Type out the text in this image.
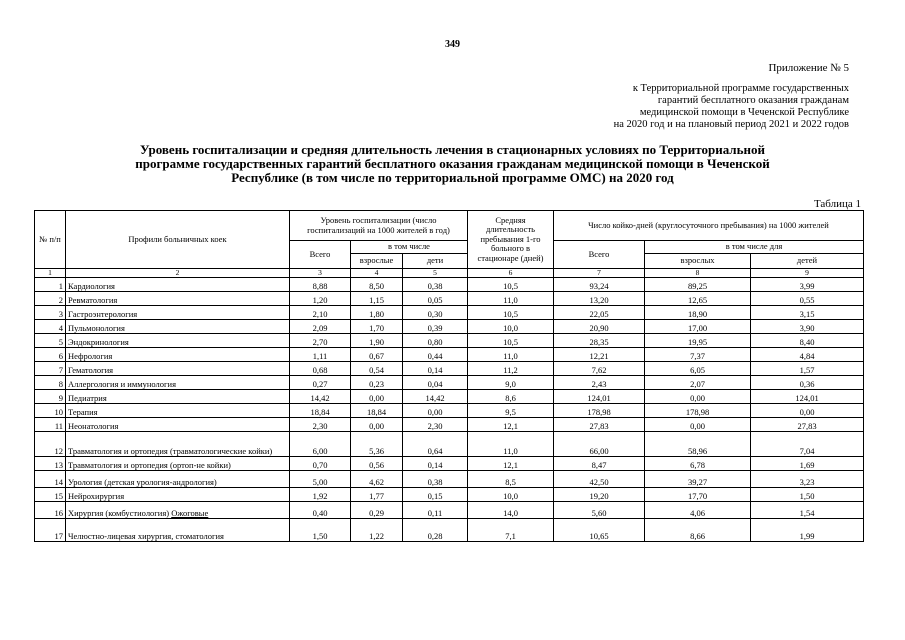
349
Приложение № 5
к Территориальной программе государственных
гарантий бесплатного оказания гражданам
медицинской помощи в Чеченской Республике
на 2020 год и на плановый период 2021 и 2022 годов
Уровень госпитализации и средняя длительность лечения в стационарных условиях по Территориальной
программе государственных гарантий бесплатного оказания гражданам медицинской помощи в Чеченской
Республике (в том числе по территориальной программе ОМС) на 2020 год
Таблица 1
№ п/п	Профили больничных коек	Уровень госпитализации (число госпитализаций на 1000 жителей в год)			Средняя длительность пребывания 1-го больного в стационаре (дней)	Число койко-дней (круглосуточного пребывания) на 1000 жителей		
		Всего	в том числе			Всего	в том числе для	
			взрослые	дети			взрослых	детей
1	2	3	4	5	6	7	8	9
1	Кардиология	8,88	8,50	0,38	10,5	93,24	89,25	3,99
2	Ревматология	1,20	1,15	0,05	11,0	13,20	12,65	0,55
3	Гастроэнтерология	2,10	1,80	0,30	10,5	22,05	18,90	3,15
4	Пульмонология	2,09	1,70	0,39	10,0	20,90	17,00	3,90
5	Эндокринология	2,70	1,90	0,80	10,5	28,35	19,95	8,40
6	Нефрология	1,11	0,67	0,44	11,0	12,21	7,37	4,84
7	Гематология	0,68	0,54	0,14	11,2	7,62	6,05	1,57
8	Аллергология и иммунология	0,27	0,23	0,04	9,0	2,43	2,07	0,36
9	Педиатрия	14,42	0,00	14,42	8,6	124,01	0,00	124,01
10	Терапия	18,84	18,84	0,00	9,5	178,98	178,98	0,00
11	Неонатология	2,30	0,00	2,30	12,1	27,83	0,00	27,83
12	Травматология и ортопедия (травматологические койки)	6,00	5,36	0,64	11,0	66,00	58,96	7,04
13	Травматология и ортопедия (ортоп-не койки)	0,70	0,56	0,14	12,1	8,47	6,78	1,69
14	Урология (детская урология-андрология)	5,00	4,62	0,38	8,5	42,50	39,27	3,23
15	Нейрохирургия	1,92	1,77	0,15	10,0	19,20	17,70	1,50
16	Хирургия (комбустиология) Ожоговые	0,40	0,29	0,11	14,0	5,60	4,06	1,54
17	Челюстно-лицевая хирургия, стоматология	1,50	1,22	0,28	7,1	10,65	8,66	1,99
